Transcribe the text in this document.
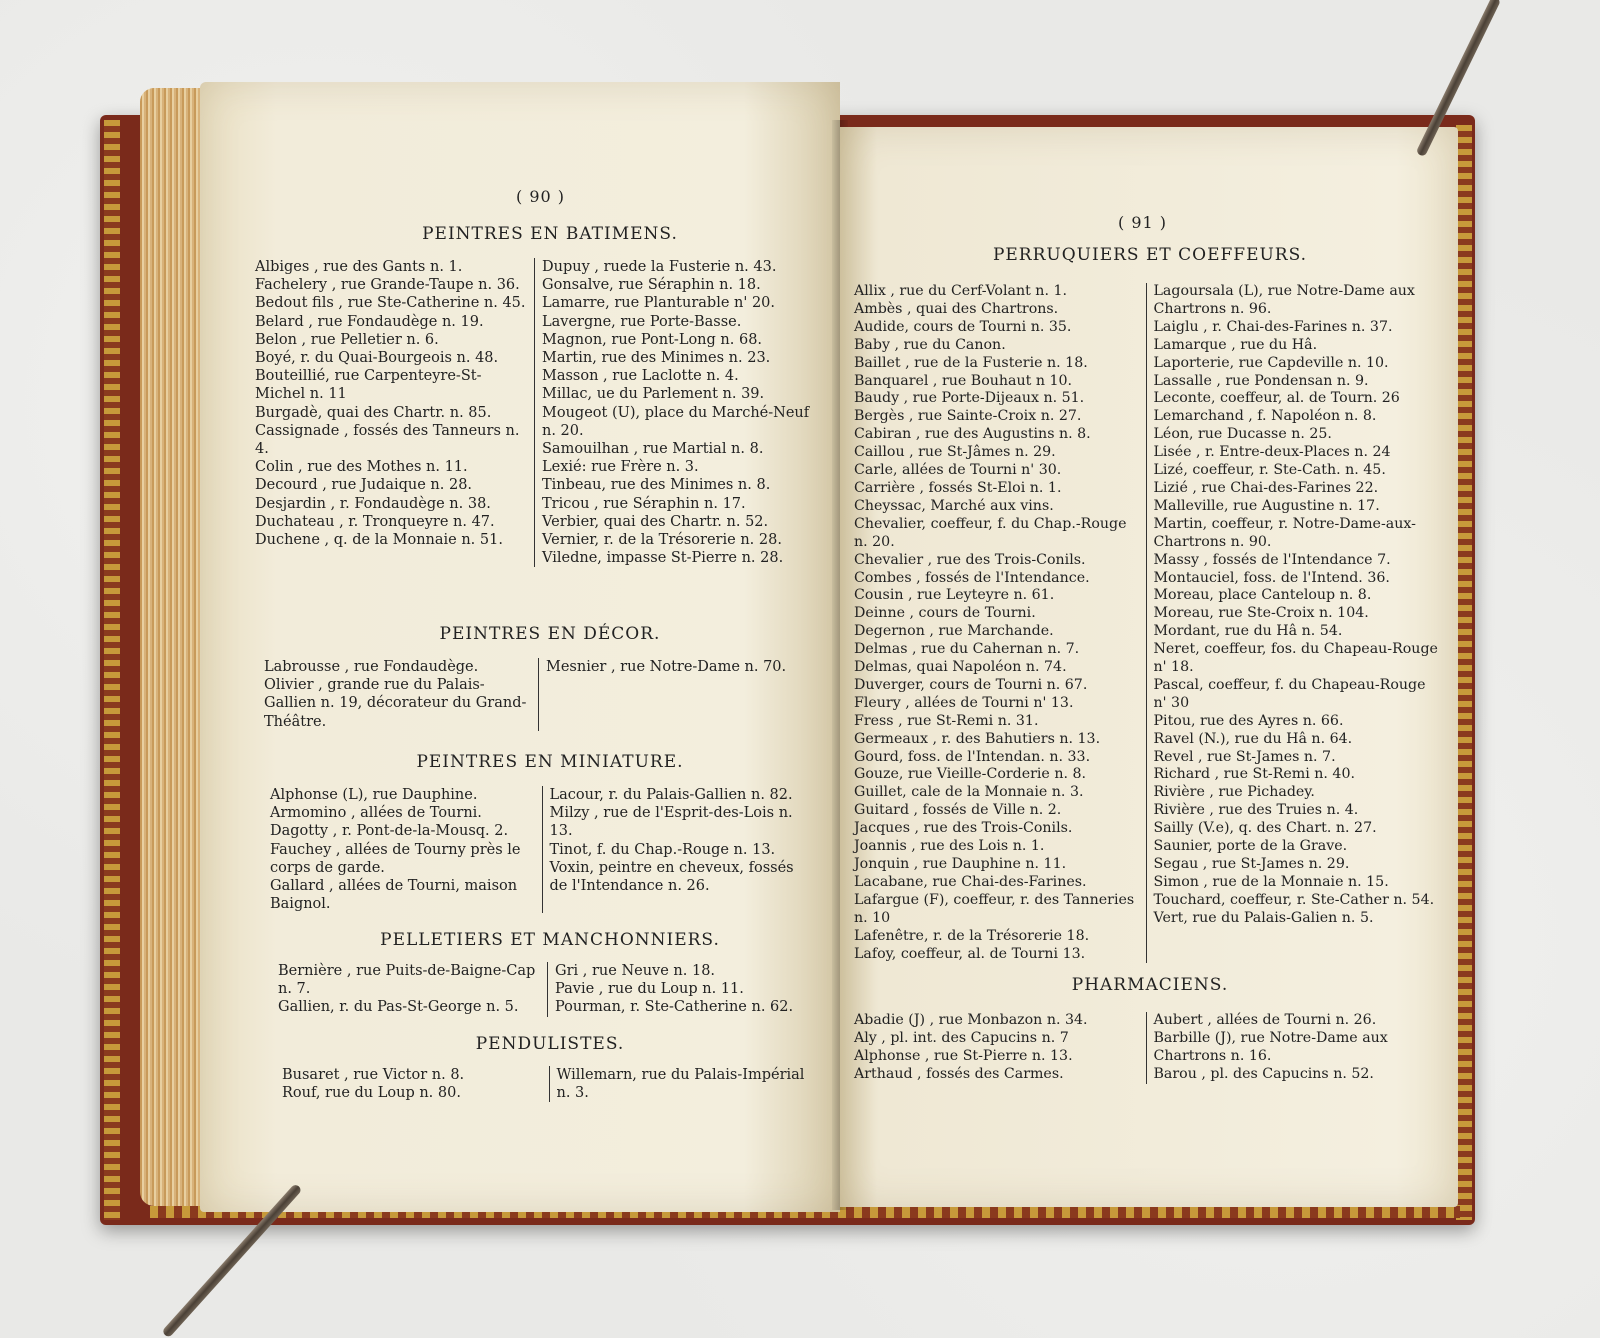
( 90 )
PEINTRES EN BATIMENS.
Albiges , rue des Gants n. 1.
Fachelery , rue Grande-Taupe n. 36.
Bedout fils , rue Ste-Catherine n. 45.
Belard , rue Fondaudège n. 19.
Belon , rue Pelletier n. 6.
Boyé, r. du Quai-Bourgeois n. 48.
Bouteillié, rue Carpenteyre-St-Michel n. 11
Burgadè, quai des Chartr. n. 85.
Cassignade , fossés des Tanneurs n. 4.
Colin , rue des Mothes n. 11.
Decourd , rue Judaique n. 28.
Desjardin , r. Fondaudège n. 38.
Duchateau , r. Tronqueyre n. 47.
Duchene , q. de la Monnaie n. 51.
Dupuy , ruede la Fusterie n. 43.
Gonsalve, rue Séraphin n. 18.
Lamarre, rue Planturable n' 20.
Lavergne, rue Porte-Basse.
Magnon, rue Pont-Long n. 68.
Martin, rue des Minimes n. 23.
Masson , rue Laclotte n. 4.
Millac, ue du Parlement n. 39.
Mougeot (U), place du Marché-Neuf n. 20.
Samouilhan , rue Martial n. 8.
Lexié: rue Frère n. 3.
Tinbeau, rue des Minimes n. 8.
Tricou , rue Séraphin n. 17.
Verbier, quai des Chartr. n. 52.
Vernier, r. de la Trésorerie n. 28.
Viledne, impasse St-Pierre n. 28.
PEINTRES EN DÉCOR.
Labrousse , rue Fondaudège.
Olivier , grande rue du Palais-Gallien n. 19, décorateur du Grand-Théâtre.
Mesnier , rue Notre-Dame n. 70.
PEINTRES EN MINIATURE.
Alphonse (L), rue Dauphine.
Armomino , allées de Tourni.
Dagotty , r. Pont-de-la-Mousq. 2.
Fauchey , allées de Tourny près le corps de garde.
Gallard , allées de Tourni, maison Baignol.
Lacour, r. du Palais-Gallien n. 82.
Milzy , rue de l'Esprit-des-Lois n. 13.
Tinot, f. du Chap.-Rouge n. 13.
Voxin, peintre en cheveux, fossés de l'Intendance n. 26.
PELLETIERS ET MANCHONNIERS.
Bernière , rue Puits-de-Baigne-Cap n. 7.
Gallien, r. du Pas-St-George n. 5.
Gri , rue Neuve n. 18.
Pavie , rue du Loup n. 11.
Pourman, r. Ste-Catherine n. 62.
PENDULISTES.
Busaret , rue Victor n. 8.
Rouf, rue du Loup n. 80.
Willemarn, rue du Palais-Impérial n. 3.
( 91 )
PERRUQUIERS ET COEFFEURS.
Allix , rue du Cerf-Volant n. 1.
Ambès , quai des Chartrons.
Audide, cours de Tourni n. 35.
Baby , rue du Canon.
Baillet , rue de la Fusterie n. 18.
Banquarel , rue Bouhaut n 10.
Baudy , rue Porte-Dijeaux n. 51.
Bergès , rue Sainte-Croix n. 27.
Cabiran , rue des Augustins n. 8.
Caillou , rue St-Jâmes n. 29.
Carle, allées de Tourni n' 30.
Carrière , fossés St-Eloi n. 1.
Cheyssac, Marché aux vins.
Chevalier, coeffeur, f. du Chap.-Rouge n. 20.
Chevalier , rue des Trois-Conils.
Combes , fossés de l'Intendance.
Cousin , rue Leyteyre n. 61.
Deinne , cours de Tourni.
Degernon , rue Marchande.
Delmas , rue du Cahernan n. 7.
Delmas, quai Napoléon n. 74.
Duverger, cours de Tourni n. 67.
Fleury , allées de Tourni n' 13.
Fress , rue St-Remi n. 31.
Germeaux , r. des Bahutiers n. 13.
Gourd, foss. de l'Intendan. n. 33.
Gouze, rue Vieille-Corderie n. 8.
Guillet, cale de la Monnaie n. 3.
Guitard , fossés de Ville n. 2.
Jacques , rue des Trois-Conils.
Joannis , rue des Lois n. 1.
Jonquin , rue Dauphine n. 11.
Lacabane, rue Chai-des-Farines.
Lafargue (F), coeffeur, r. des Tanneries n. 10
Lafenêtre, r. de la Trésorerie 18.
Lafoy, coeffeur, al. de Tourni 13.
Lagoursala (L), rue Notre-Dame aux Chartrons n. 96.
Laiglu , r. Chai-des-Farines n. 37.
Lamarque , rue du Hâ.
Laporterie, rue Capdeville n. 10.
Lassalle , rue Pondensan n. 9.
Leconte, coeffeur, al. de Tourn. 26
Lemarchand , f. Napoléon n. 8.
Léon, rue Ducasse n. 25.
Lisée , r. Entre-deux-Places n. 24
Lizé, coeffeur, r. Ste-Cath. n. 45.
Lizié , rue Chai-des-Farines 22.
Malleville, rue Augustine n. 17.
Martin, coeffeur, r. Notre-Dame-aux-Chartrons n. 90.
Massy , fossés de l'Intendance 7.
Montauciel, foss. de l'Intend. 36.
Moreau, place Canteloup n. 8.
Moreau, rue Ste-Croix n. 104.
Mordant, rue du Hâ n. 54.
Neret, coeffeur, fos. du Chapeau-Rouge n' 18.
Pascal, coeffeur, f. du Chapeau-Rouge n' 30
Pitou, rue des Ayres n. 66.
Ravel (N.), rue du Hâ n. 64.
Revel , rue St-James n. 7.
Richard , rue St-Remi n. 40.
Rivière , rue Pichadey.
Rivière , rue des Truies n. 4.
Sailly (V.e), q. des Chart. n. 27.
Saunier, porte de la Grave.
Segau , rue St-James n. 29.
Simon , rue de la Monnaie n. 15.
Touchard, coeffeur, r. Ste-Cather n. 54.
Vert, rue du Palais-Galien n. 5.
PHARMACIENS.
Abadie (J) , rue Monbazon n. 34.
Aly , pl. int. des Capucins n. 7
Alphonse , rue St-Pierre n. 13.
Arthaud , fossés des Carmes.
Aubert , allées de Tourni n. 26.
Barbille (J), rue Notre-Dame aux Chartrons n. 16.
Barou , pl. des Capucins n. 52.
